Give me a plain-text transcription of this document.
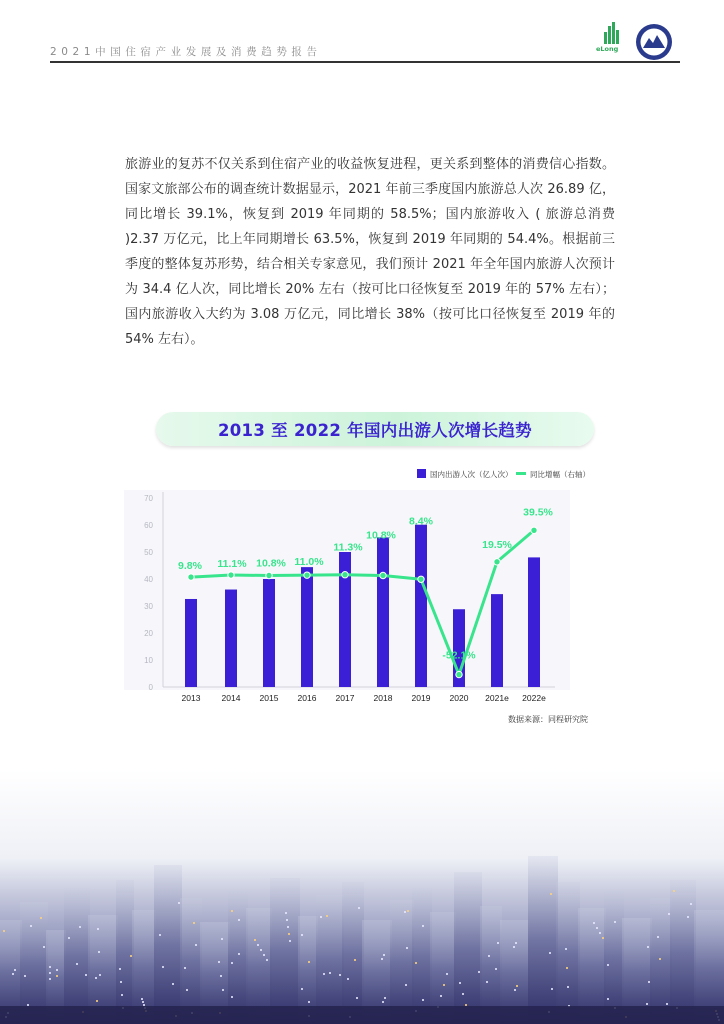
2021中国住宿产业发展及消费趋势报告	eLong

旅游业的复苏不仅关系到住宿产业的收益恢复进程，更关系到整体的消费信心指数。国家文旅部公布的调查统计数据显示，2021 年前三季度国内旅游总人次 26.89 亿，同比增长 39.1%，恢复到 2019 年同期的 58.5%；国内旅游收入 ( 旅游总消费 )2.37 万亿元，比上年同期增长 63.5%，恢复到 2019 年同期的 54.4%。根据前三季度的整体复苏形势，结合相关专家意见，我们预计 2021 年全年国内旅游人次预计为 34.4 亿人次，同比增长 20% 左右（按可比口径恢复至 2019 年的 57% 左右）；国内旅游收入大约为 3.08 万亿元，同比增长 38%（按可比口径恢复至 2019 年的 54% 左右）。

2013 至 2022 年国内出游人次增长趋势
0
10
20
30
40
50
60
70
2013 2014 2015 2016 2017 2018 2019 2020 2021e 2022e
9.8% 11.1% 10.8% 11.0%
11.3%
10.8%
8.4%
-52.1%
19.5%
39.5%
国内出游人次（亿人次） 同比增幅（右轴）
数据来源：同程研究院
